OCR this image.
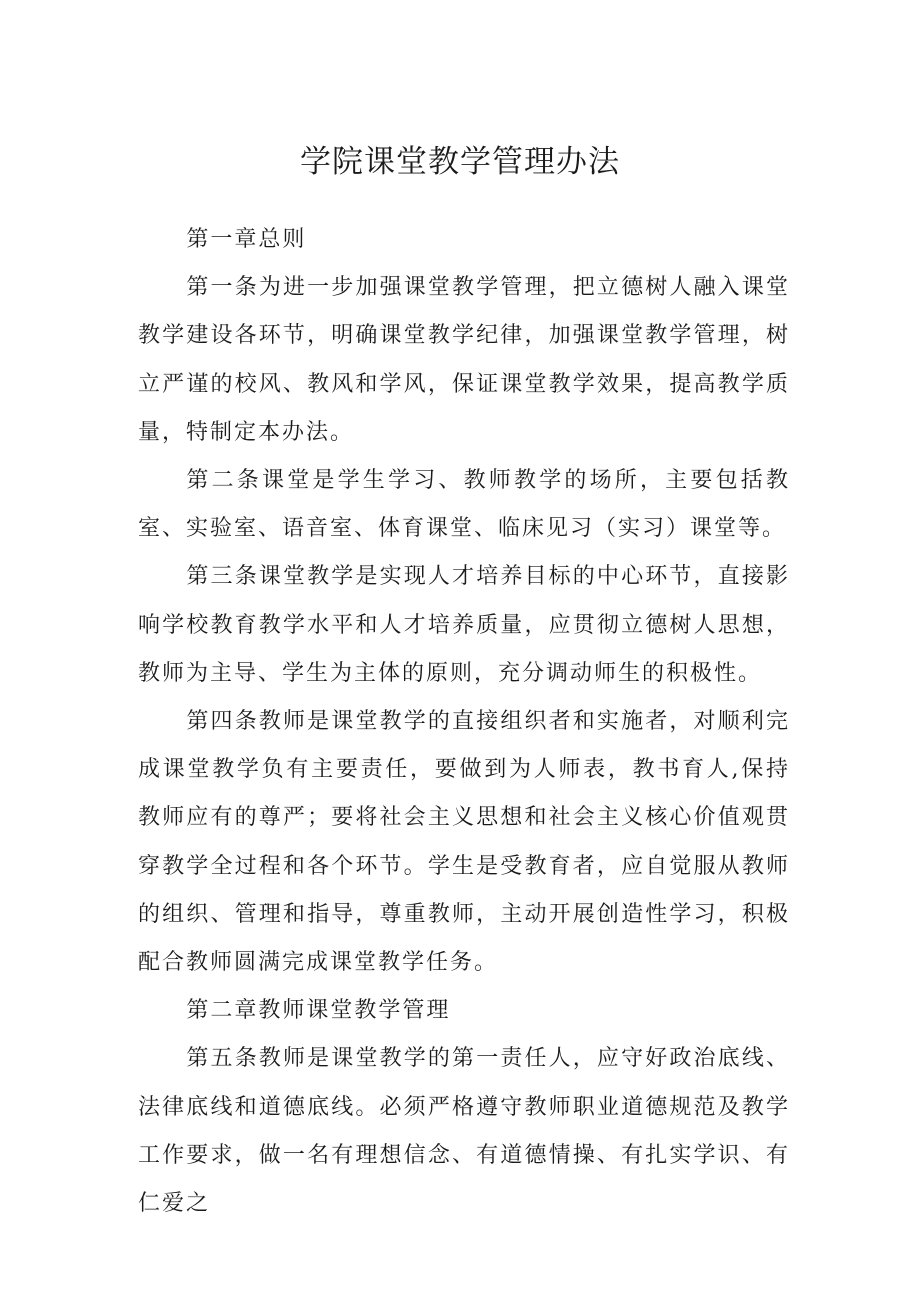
学院课堂教学管理办法

第一章总则

第一条为进一步加强课堂教学管理，把立德树人融入课堂教学建设各环节，明确课堂教学纪律，加强课堂教学管理，树立严谨的校风、教风和学风，保证课堂教学效果，提高教学质量，特制定本办法。

第二条课堂是学生学习、教师教学的场所，主要包括教室、实验室、语音室、体育课堂、临床见习（实习）课堂等。

第三条课堂教学是实现人才培养目标的中心环节，直接影响学校教育教学水平和人才培养质量，应贯彻立德树人思想，教师为主导、学生为主体的原则，充分调动师生的积极性。

第四条教师是课堂教学的直接组织者和实施者，对顺利完成课堂教学负有主要责任，要做到为人师表，教书育人,保持教师应有的尊严；要将社会主义思想和社会主义核心价值观贯穿教学全过程和各个环节。学生是受教育者，应自觉服从教师的组织、管理和指导，尊重教师，主动开展创造性学习，积极配合教师圆满完成课堂教学任务。

第二章教师课堂教学管理

第五条教师是课堂教学的第一责任人，应守好政治底线、法律底线和道德底线。必须严格遵守教师职业道德规范及教学工作要求，做一名有理想信念、有道德情操、有扎实学识、有仁爱之
